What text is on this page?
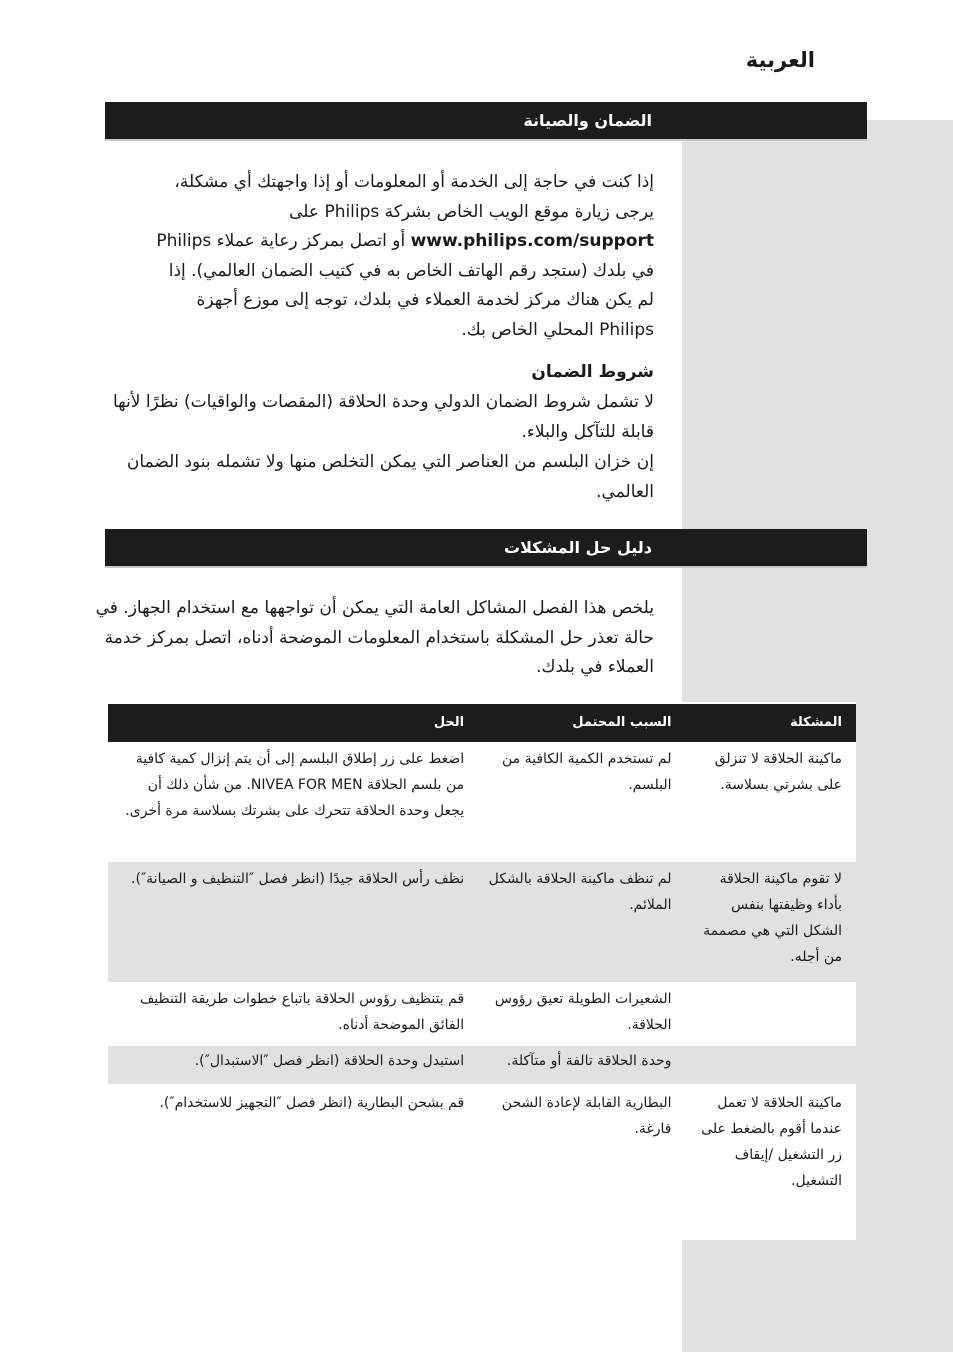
العربية
الضمان والصيانة
إذا كنت في حاجة إلى الخدمة أو المعلومات أو إذا واجهتك أي مشكلة،
يرجى زيارة موقع الويب الخاص بشركة Philips على
www.philips.com/support أو اتصل بمركز رعاية عملاء Philips
في بلدك (ستجد رقم الهاتف الخاص به في كتيب الضمان العالمي). إذا
لم يكن هناك مركز لخدمة العملاء في بلدك، توجه إلى موزع أجهزة
Philips المحلي الخاص بك.
شروط الضمان
لا تشمل شروط الضمان الدولي وحدة الحلاقة (المقصات والواقيات) نظرًا لأنها قابلة للتآكل والبلاء.
إن خزان البلسم من العناصر التي يمكن التخلص منها ولا تشمله بنود الضمان العالمي.
دليل حل المشكلات
يلخص هذا الفصل المشاكل العامة التي يمكن أن تواجهها مع استخدام الجهاز. في حالة تعذر حل المشكلة باستخدام المعلومات الموضحة أدناه، اتصل بمركز خدمة العملاء في بلدك.
المشكلة	السبب المحتمل	الحل
ماكينة الحلاقة لا تنزلق على بشرتي بسلاسة.	لم تستخدم الكمية الكافية من البلسم.	اضغط على زر إطلاق البلسم إلى أن يتم إنزال كمية كافية من بلسم الحلاقة NIVEA FOR MEN. من شأن ذلك أن يجعل وحدة الحلاقة تتحرك على بشرتك بسلاسة مرة أخرى.
لا تقوم ماكينة الحلاقة بأداء وظيفتها بنفس الشكل التي هي مصممة من أجله.	لم تنظف ماكينة الحلاقة بالشكل الملائم.	نظف رأس الحلاقة جيدًا (انظر فصل ″التنظيف و الصيانة″).
	الشعيرات الطويلة تعيق رؤوس الحلاقة.	قم بتنظيف رؤوس الحلاقة باتباع خطوات طريقة التنظيف الفائق الموضحة أدناه.
	وحدة الحلاقة تالفة أو متآكلة.	استبدل وحدة الحلاقة (انظر فصل ″الاستبدال″).
ماكينة الحلاقة لا تعمل عندما أقوم بالضغط على زر التشغيل /إيقاف التشغيل.	البطارية القابلة لإعادة الشحن فارغة.	قم بشحن البطارية (انظر فصل ″التجهيز للاستخدام″).
